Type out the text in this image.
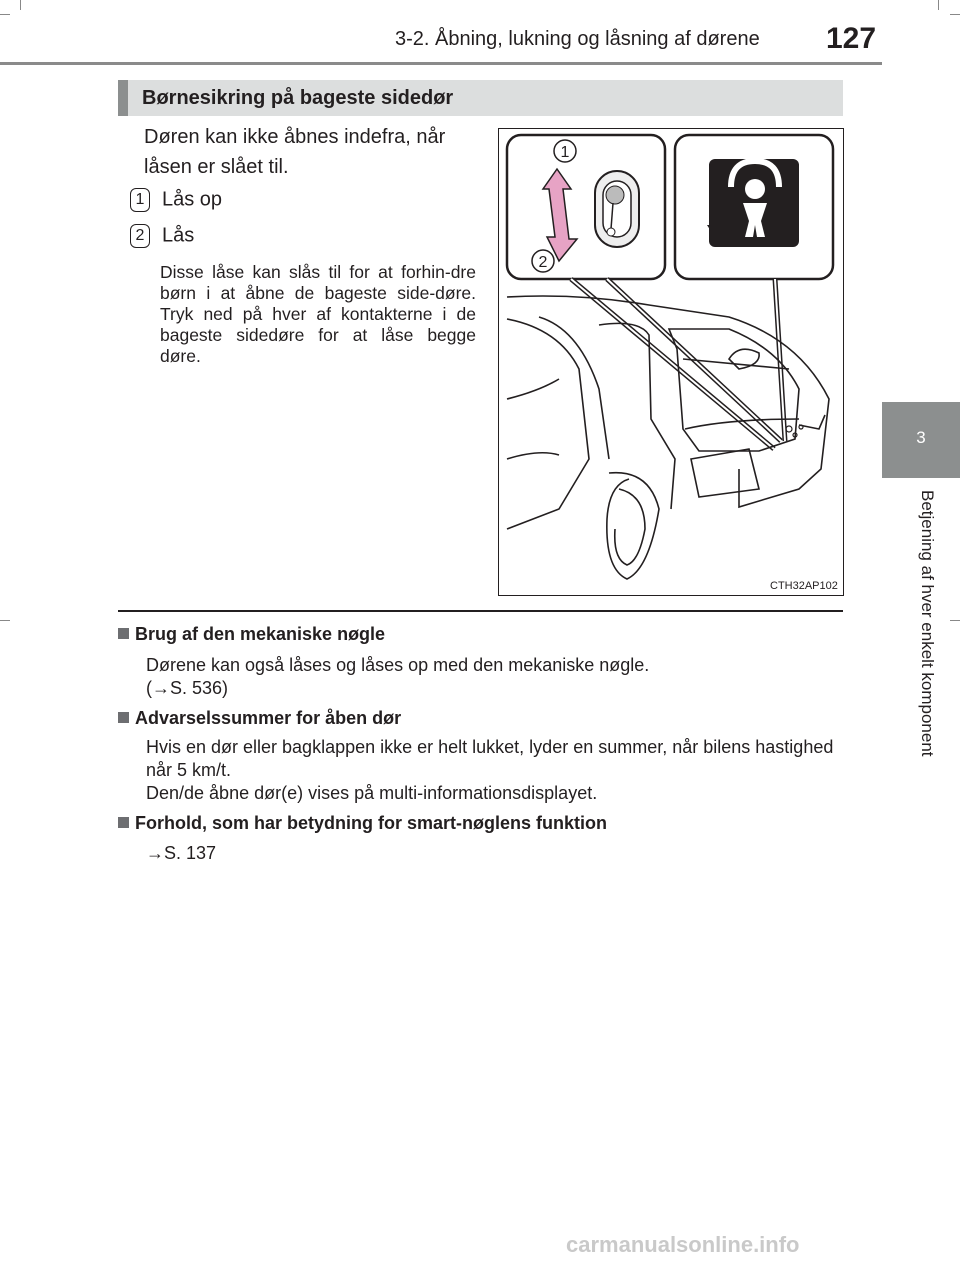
3-2. Åbning, lukning og låsning af dørene 127
3
Betjening af hver enkelt komponent
Børnesikring på bageste sidedør
Døren kan ikke åbnes indefra, når låsen er slået til.
1 Lås op
2 Lås
Disse låse kan slås til for at forhin-dre børn i at åbne de bageste side-døre. Tryk ned på hver af kontakterne i de bageste sidedøre for at låse begge døre.
1
2
CTH32AP102
Brug af den mekaniske nøgle
Dørene kan også låses og låses op med den mekaniske nøgle.
(→S. 536)
Advarselssummer for åben dør
Hvis en dør eller bagklappen ikke er helt lukket, lyder en summer, når bilens hastighed når 5 km/t.
Den/de åbne dør(e) vises på multi-informationsdisplayet.
Forhold, som har betydning for smart-nøglens funktion
→S. 137
carmanualsonline.info
